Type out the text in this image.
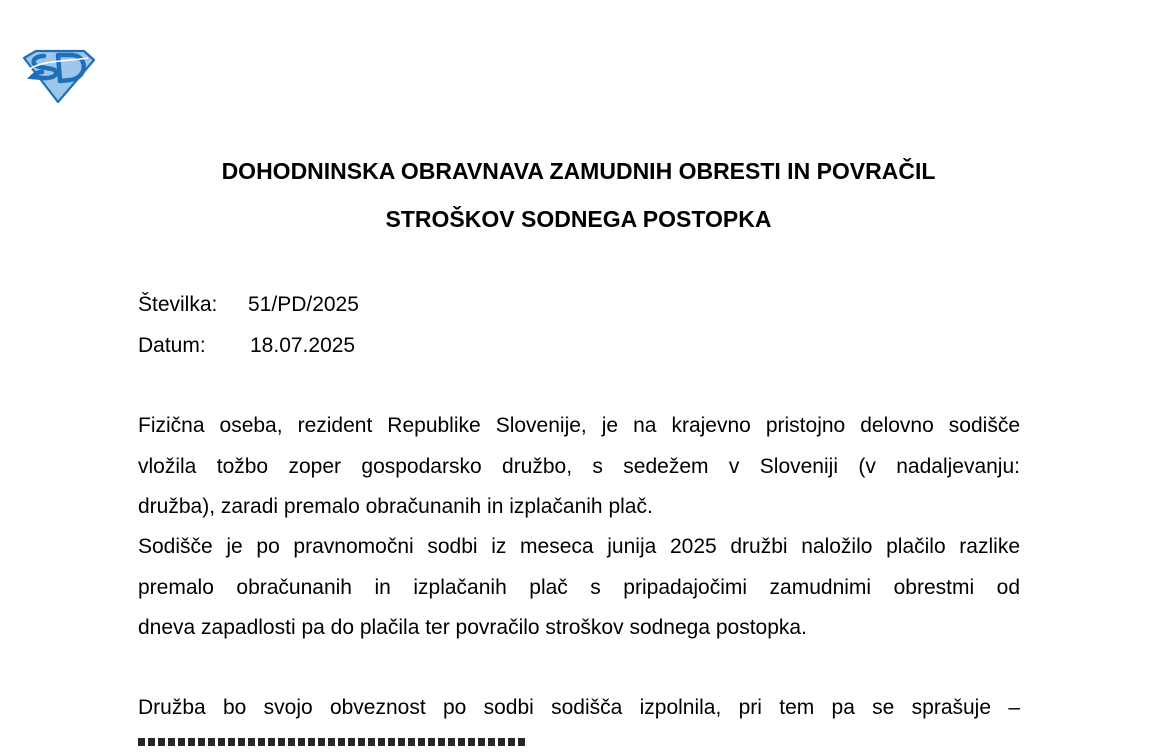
DOHODNINSKA OBRAVNAVA ZAMUDNIH OBRESTI IN POVRAČIL
STROŠKOV SODNEGA POSTOPKA
Številka: 51/PD/2025
Datum: 18.07.2025
Fizična oseba, rezident Republike Slovenije, je na krajevno pristojno delovno sodišče
vložila tožbo zoper gospodarsko družbo, s sedežem v Sloveniji (v nadaljevanju:
družba), zaradi premalo obračunanih in izplačanih plač.
Sodišče je po pravnomočni sodbi iz meseca junija 2025 družbi naložilo plačilo razlike
premalo obračunanih in izplačanih plač s pripadajočimi zamudnimi obrestmi od
dneva zapadlosti pa do plačila ter povračilo stroškov sodnega postopka.
Družba bo svojo obveznost po sodbi sodišča izpolnila, pri tem pa se sprašuje –
